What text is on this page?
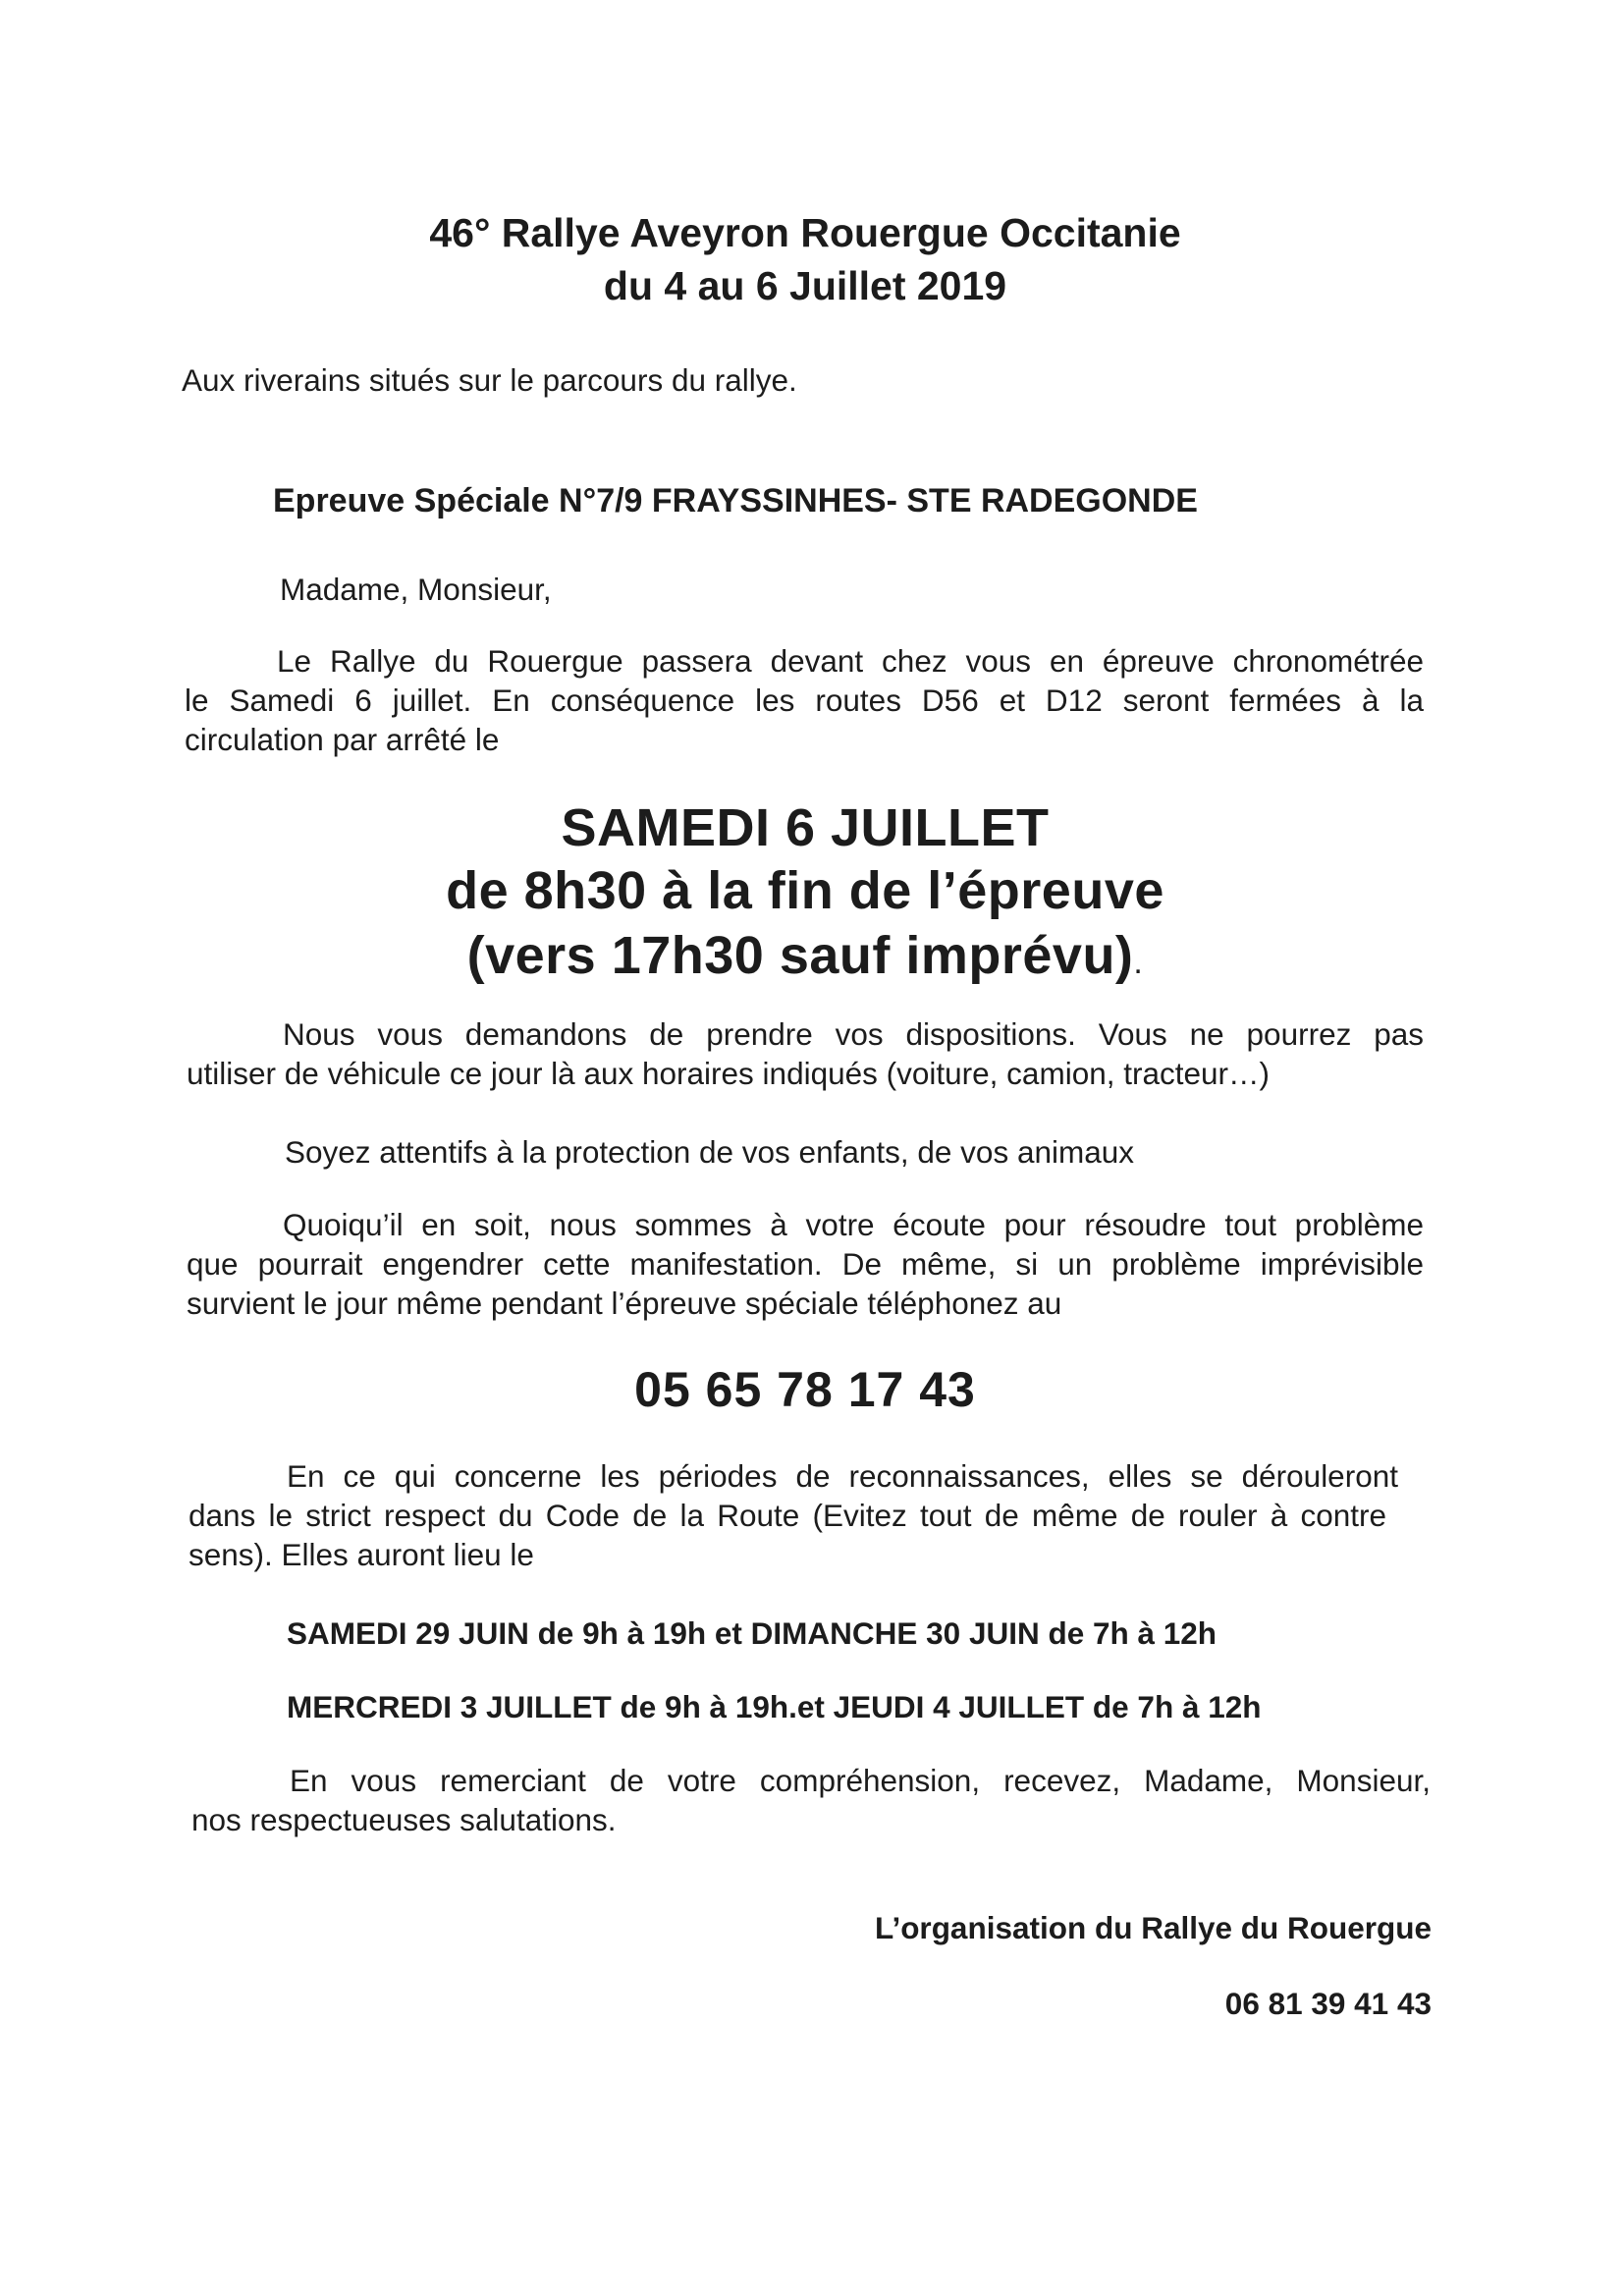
46° Rallye Aveyron Rouergue Occitanie
du 4 au 6 Juillet 2019

Aux riverains situés sur le parcours du rallye.

Epreuve Spéciale N°7/9 FRAYSSINHES- STE RADEGONDE

Madame, Monsieur,

Le Rallye du Rouergue passera devant chez vous en épreuve chronométrée

le Samedi 6 juillet. En conséquence les routes D56 et D12 seront fermées à la

circulation par arrêté le

SAMEDI 6 JUILLET

de 8h30 à la fin de l’épreuve

(vers 17h30 sauf imprévu).

Nous vous demandons de prendre vos dispositions. Vous ne pourrez pas

utiliser de véhicule ce jour là aux horaires indiqués (voiture, camion, tracteur…)

Soyez attentifs à la protection de vos enfants, de vos animaux

Quoiqu’il en soit, nous sommes à votre écoute pour résoudre tout problème

que pourrait engendrer cette manifestation. De même, si un problème imprévisible

survient le jour même pendant l’épreuve spéciale téléphonez au

05 65 78 17 43

En ce qui concerne les périodes de reconnaissances, elles se dérouleront

dans le strict respect du Code de la Route (Evitez tout de même de rouler à contre

sens). Elles auront lieu le

SAMEDI 29 JUIN de 9h à 19h et DIMANCHE 30 JUIN de 7h à 12h

MERCREDI 3 JUILLET de 9h à 19h.et JEUDI 4 JUILLET de 7h à 12h

En vous remerciant de votre compréhension, recevez, Madame, Monsieur,

nos respectueuses salutations.

L’organisation du Rallye du Rouergue

06 81 39 41 43
